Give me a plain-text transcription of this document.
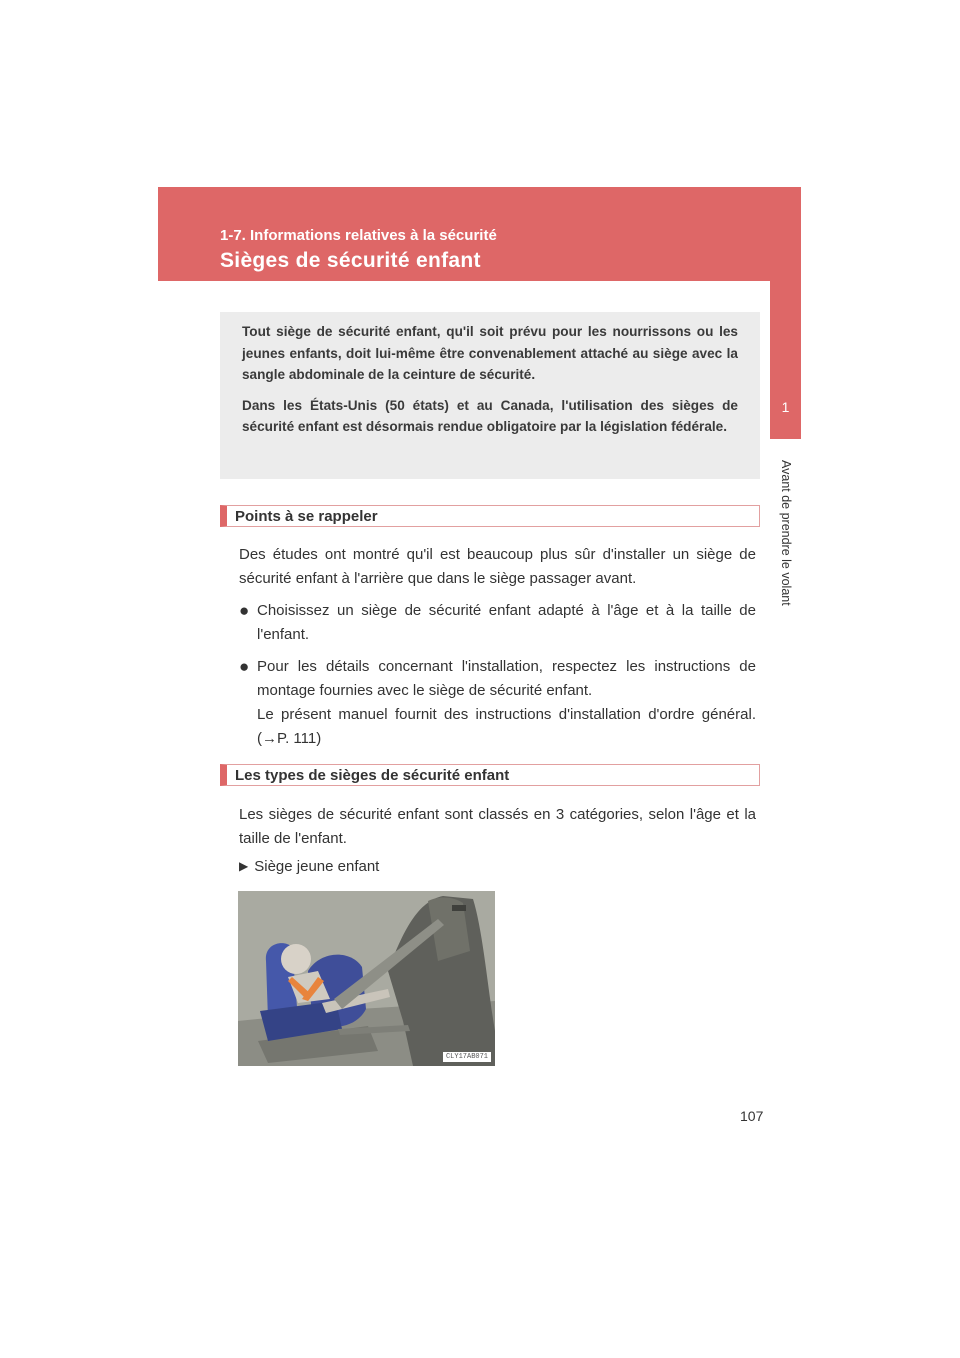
1-7. Informations relatives à la sécurité
Sièges de sécurité enfant
1
Avant de prendre le volant

Tout siège de sécurité enfant, qu'il soit prévu pour les nourrissons ou les jeunes enfants, doit lui-même être convenablement attaché au siège avec la sangle abdominale de la ceinture de sécurité.

Dans les États-Unis (50 états) et au Canada, l'utilisation des sièges de sécurité enfant est désormais rendue obligatoire par la législation fédérale.

Points à se rappeler

Des études ont montré qu'il est beaucoup plus sûr d'installer un siège de sécurité enfant à l'arrière que dans le siège passager avant.

● Choisissez un siège de sécurité enfant adapté à l'âge et à la taille de l'enfant.
● Pour les détails concernant l'installation, respectez les instructions de montage fournies avec le siège de sécurité enfant.
Le présent manuel fournit des instructions d'installation d'ordre général. (→P. 111)
Les types de sièges de sécurité enfant

Les sièges de sécurité enfant sont classés en 3 catégories, selon l'âge et la taille de l'enfant.

▶ Siège jeune enfant
CLY17AB071
107
